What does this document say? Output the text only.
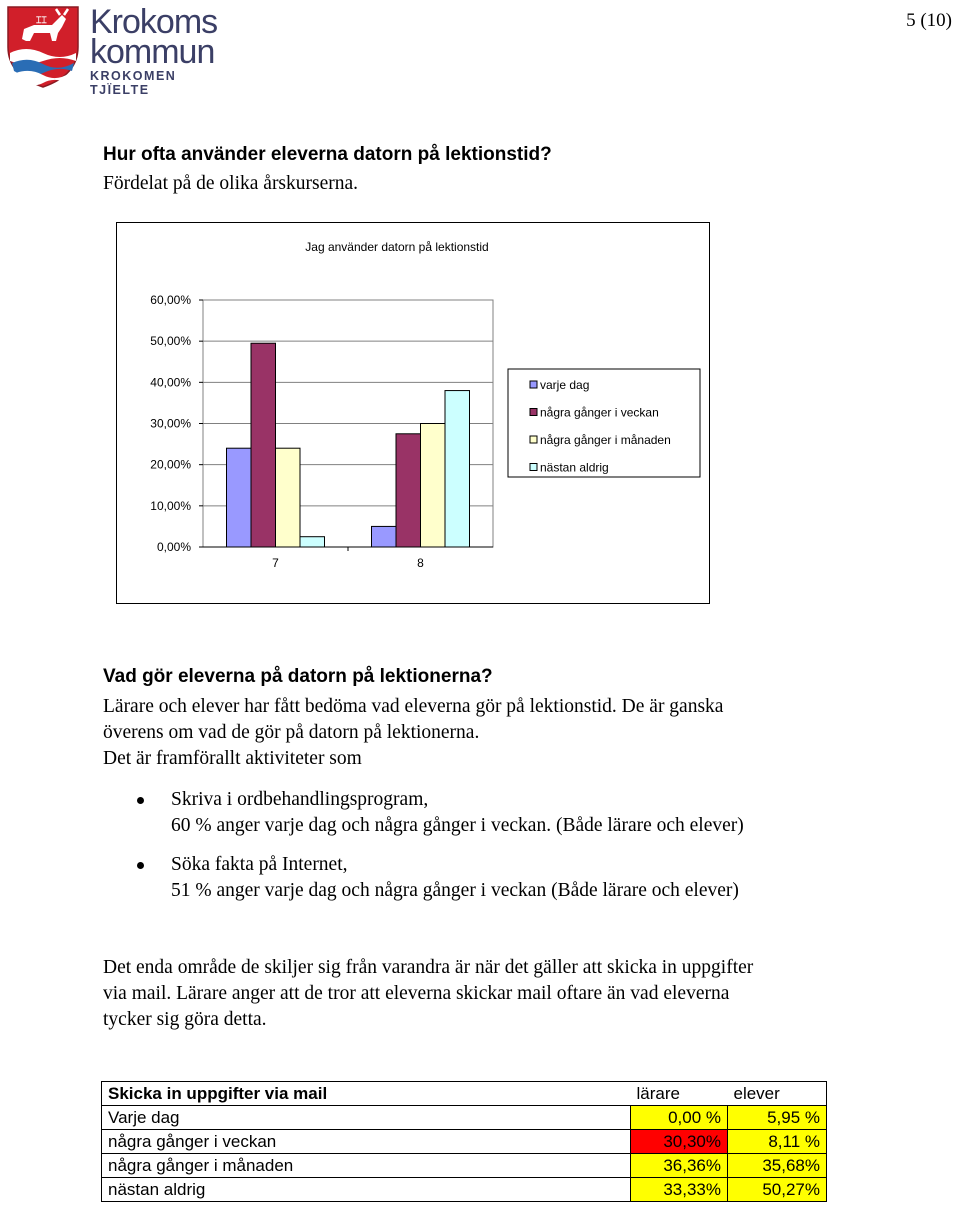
5 (10)
⌶⌶ Krokoms
kommun
KROKOMEN TJÏELTE
Hur ofta använder eleverna datorn på lektionstid?
Fördelat på de olika årskurserna.
Jag använder datorn på lektionstid
0,00%
10,00%
20,00%
30,00%
40,00%
50,00%
60,00%
7	8
varje dag
några gånger i veckan
några gånger i månaden
nästan aldrig
Vad gör eleverna på datorn på lektionerna?
Lärare och elever har fått bedöma vad eleverna gör på lektionstid. De är ganska
överens om vad de gör på datorn på lektionerna.
Det är framförallt aktiviteter som
Skriva i ordbehandlingsprogram,
60 % anger varje dag och några gånger i veckan. (Både lärare och elever)
Söka fakta på Internet,
51 % anger varje dag och några gånger i veckan (Både lärare och elever)
Det enda område de skiljer sig från varandra är när det gäller att skicka in uppgifter
via mail. Lärare anger att de tror att eleverna skickar mail oftare än vad eleverna
tycker sig göra detta.
Skicka in uppgifter via mail	lärare	elever
Varje dag	0,00 %	5,95 %
några gånger i veckan	30,30%	8,11 %
några gånger i månaden	36,36%	35,68%
nästan aldrig	33,33%	50,27%
